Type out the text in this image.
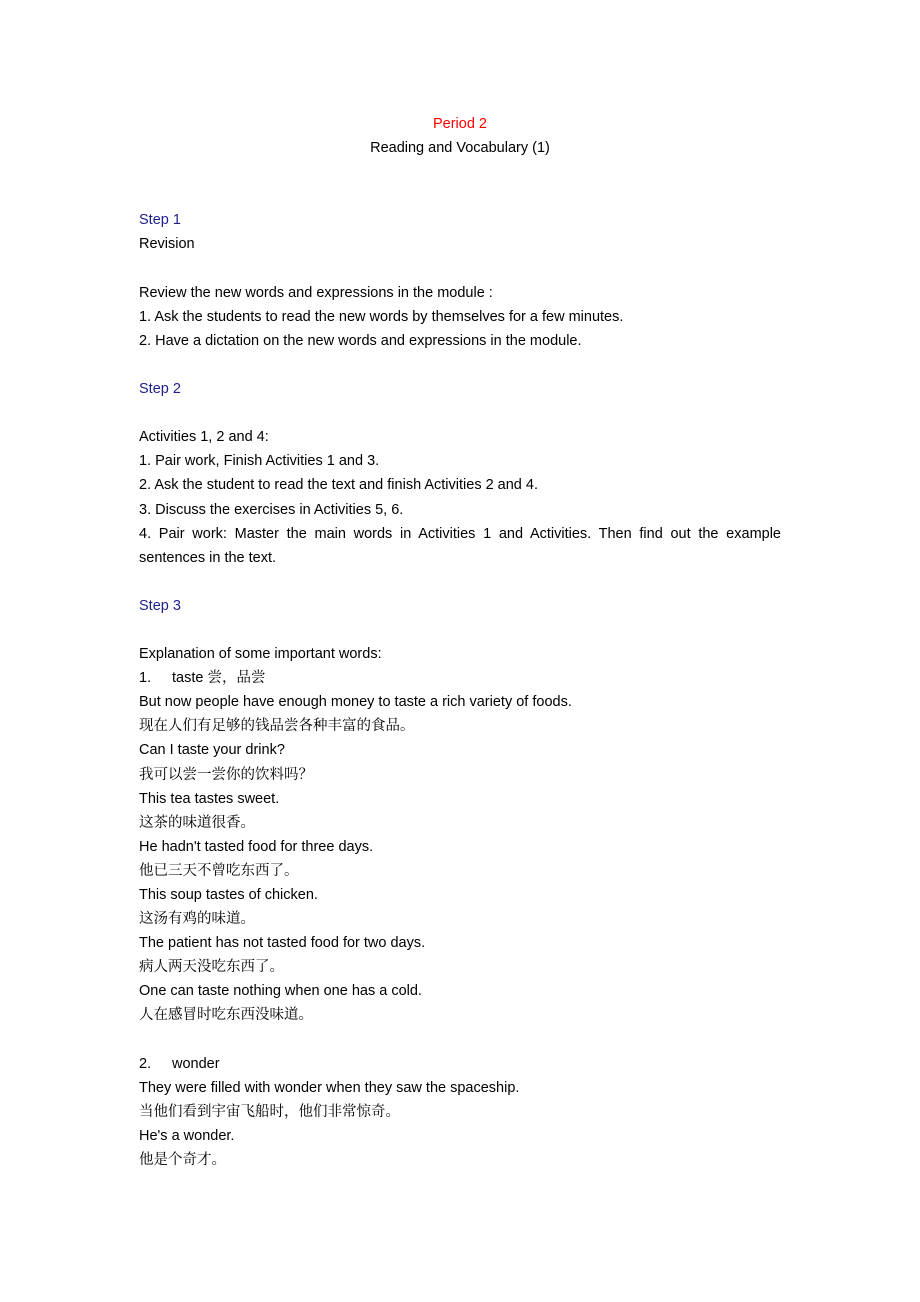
Period 2
Reading and Vocabulary (1)
Step 1
Revision
Review the new words and expressions in the module :
1. Ask the students to read the new words by themselves for a few minutes.
2. Have a dictation on the new words and expressions in the module.
Step 2
Activities 1, 2 and 4:
1. Pair work, Finish Activities 1 and 3.
2. Ask the student to read the text and finish Activities 2 and 4.
3. Discuss the exercises in Activities 5, 6.
4. Pair work: Master the main words in Activities 1 and Activities. Then find out the example sentences in the text.
Step 3
Explanation of some important words:
1. taste 尝，品尝
But now people have enough money to taste a rich variety of foods.
现在人们有足够的钱品尝各种丰富的食品。
Can I taste your drink?
我可以尝一尝你的饮料吗？
This tea tastes sweet.
这茶的味道很香。
He hadn't tasted food for three days.
他已三天不曾吃东西了。
This soup tastes of chicken.
这汤有鸡的味道。
The patient has not tasted food for two days.
病人两天没吃东西了。
One can taste nothing when one has a cold.
人在感冒时吃东西没味道。
2. wonder
They were filled with wonder when they saw the spaceship.
当他们看到宇宙飞船时，他们非常惊奇。
He's a wonder.
他是个奇才。
